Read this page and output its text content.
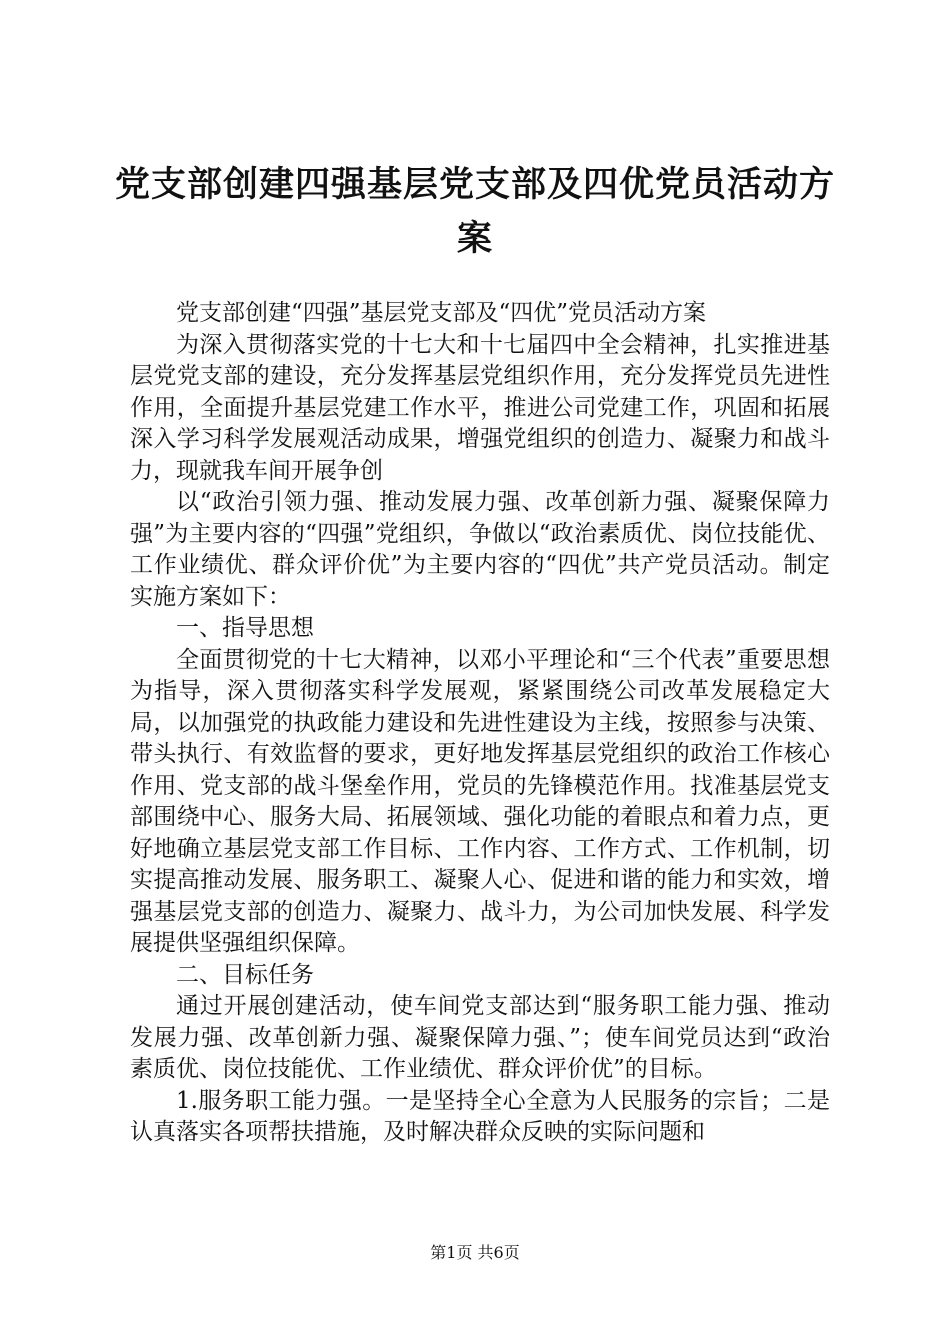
党支部创建四强基层党支部及四优党员活动方案

党支部创建“四强”基层党支部及“四优”党员活动方案

为深入贯彻落实党的十七大和十七届四中全会精神，扎实推进基层党党支部的建设，充分发挥基层党组织作用，充分发挥党员先进性作用，全面提升基层党建工作水平，推进公司党建工作，巩固和拓展深入学习科学发展观活动成果，增强党组织的创造力、凝聚力和战斗力，现就我车间开展争创

以“政治引领力强、推动发展力强、改革创新力强、凝聚保障力强”为主要内容的“四强”党组织，争做以“政治素质优、岗位技能优、工作业绩优、群众评价优”为主要内容的“四优”共产党员活动。制定实施方案如下：

一、指导思想

全面贯彻党的十七大精神，以邓小平理论和“三个代表”重要思想为指导，深入贯彻落实科学发展观，紧紧围绕公司改革发展稳定大局，以加强党的执政能力建设和先进性建设为主线，按照参与决策、带头执行、有效监督的要求，更好地发挥基层党组织的政治工作核心作用、党支部的战斗堡垒作用，党员的先锋模范作用。找准基层党支部围绕中心、服务大局、拓展领域、强化功能的着眼点和着力点，更好地确立基层党支部工作目标、工作内容、工作方式、工作机制，切实提高推动发展、服务职工、凝聚人心、促进和谐的能力和实效，增强基层党支部的创造力、凝聚力、战斗力，为公司加快发展、科学发展提供坚强组织保障。

二、目标任务

通过开展创建活动，使车间党支部达到“服务职工能力强、推动发展力强、改革创新力强、凝聚保障力强、”；使车间党员达到“政治素质优、岗位技能优、工作业绩优、群众评价优”的目标。

1.服务职工能力强。一是坚持全心全意为人民服务的宗旨；二是认真落实各项帮扶措施，及时解决群众反映的实际问题和

第1页 共6页
